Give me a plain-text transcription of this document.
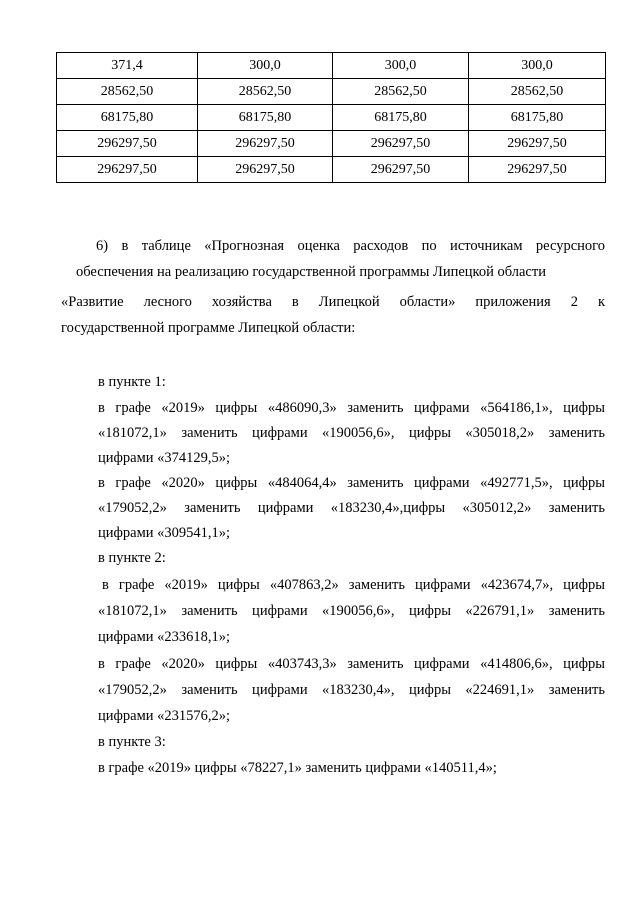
371,4	300,0	300,0	300,0
28562,50	28562,50	28562,50	28562,50
68175,80	68175,80	68175,80	68175,80
296297,50	296297,50	296297,50	296297,50
296297,50	296297,50	296297,50	296297,50

6) в таблице «Прогнозная оценка расходов по источникам ресурсного

обеспечения на реализацию государственной программы Липецкой области

«Развитие лесного хозяйства в Липецкой области» приложения 2 к

государственной программе Липецкой области:

в пункте 1:

в графе «2019» цифры «486090,3» заменить цифрами «564186,1», цифры

«181072,1» заменить цифрами «190056,6», цифры «305018,2» заменить

цифрами «374129,5»;

в графе «2020» цифры «484064,4» заменить цифрами «492771,5», цифры

«179052,2» заменить цифрами «183230,4»,цифры «305012,2» заменить

цифрами «309541,1»;

в пункте 2:

в графе «2019» цифры «407863,2» заменить цифрами «423674,7», цифры

«181072,1» заменить цифрами «190056,6», цифры «226791,1» заменить

цифрами «233618,1»;

в графе «2020» цифры «403743,3» заменить цифрами «414806,6», цифры

«179052,2» заменить цифрами «183230,4», цифры «224691,1» заменить

цифрами «231576,2»;

в пункте 3:

в графе «2019» цифры «78227,1» заменить цифрами «140511,4»;
